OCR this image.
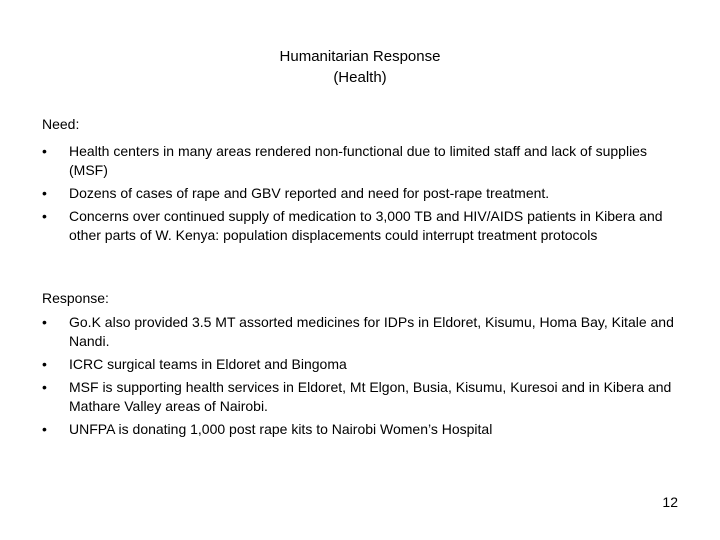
Humanitarian Response
(Health)
Need:
• Health centers in many areas rendered non-functional due to limited staff and lack of supplies (MSF)
• Dozens of cases of rape and GBV reported and need for post-rape treatment.
• Concerns over continued supply of medication to 3,000 TB and HIV/AIDS patients in Kibera and other parts of W. Kenya: population displacements could interrupt treatment protocols
Response:
• Go.K also provided 3.5 MT assorted medicines for IDPs in Eldoret, Kisumu, Homa Bay, Kitale and Nandi.
• ICRC surgical teams in Eldoret and Bingoma
• MSF is supporting health services in Eldoret, Mt Elgon, Busia, Kisumu, Kuresoi and in Kibera and Mathare Valley areas of Nairobi.
• UNFPA is donating 1,000 post rape kits to Nairobi Women’s Hospital
12
